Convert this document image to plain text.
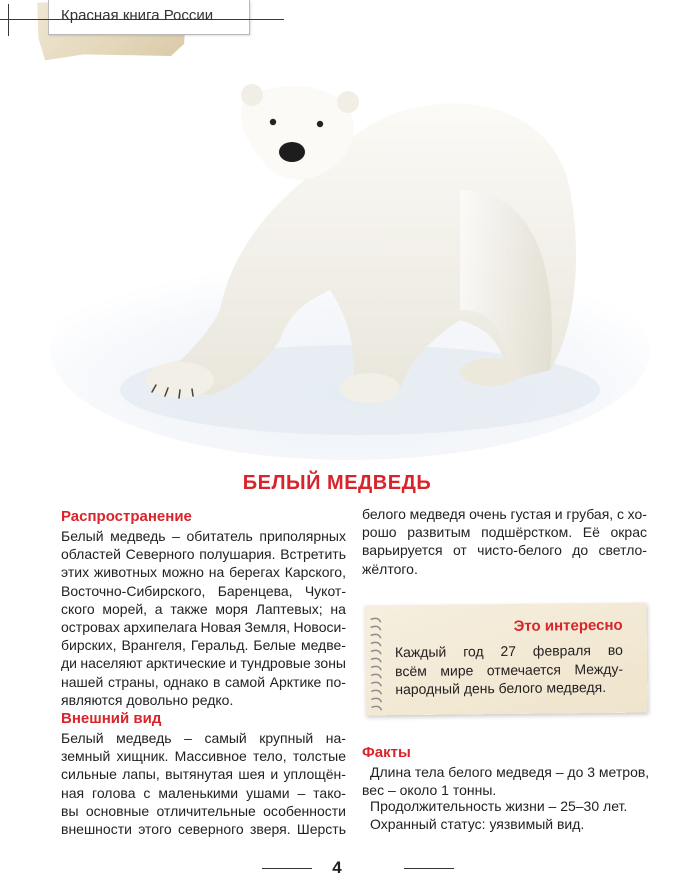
Красная книга России
БЕЛЫЙ МЕДВЕДЬ
Распространение
Белый медведь – обитатель приполярных
областей Северного полушария. Встретить
этих животных можно на берегах Карского,
Восточно-Сибирского, Баренцева, Чукот-
ского морей, а также моря Лаптевых; на
островах архипелага Новая Земля, Новоси-
бирских, Врангеля, Геральд. Белые медве-
ди населяют арктические и тундровые зоны
нашей страны, однако в самой Арктике по-
являются довольно редко.
Внешний вид
Белый медведь – самый крупный на-
земный хищник. Массивное тело, толстые
сильные лапы, вытянутая шея и уплощён-
ная голова с маленькими ушами – тако-
вы основные отличительные особенности
внешности этого северного зверя. Шерсть
белого медведя очень густая и грубая, с хо-
рошо развитым подшёрстком. Её окрас
варьируется от чисто-белого до светло-
жёлтого.
Это интересно
Каждый год 27 февраля во
всём мире отмечается Между-
народный день белого медведя.
Факты
Длина тела белого медведя – до 3 метров,
вес – около 1 тонны.
Продолжительность жизни – 25–30 лет.
Охранный статус: уязвимый вид.
4
